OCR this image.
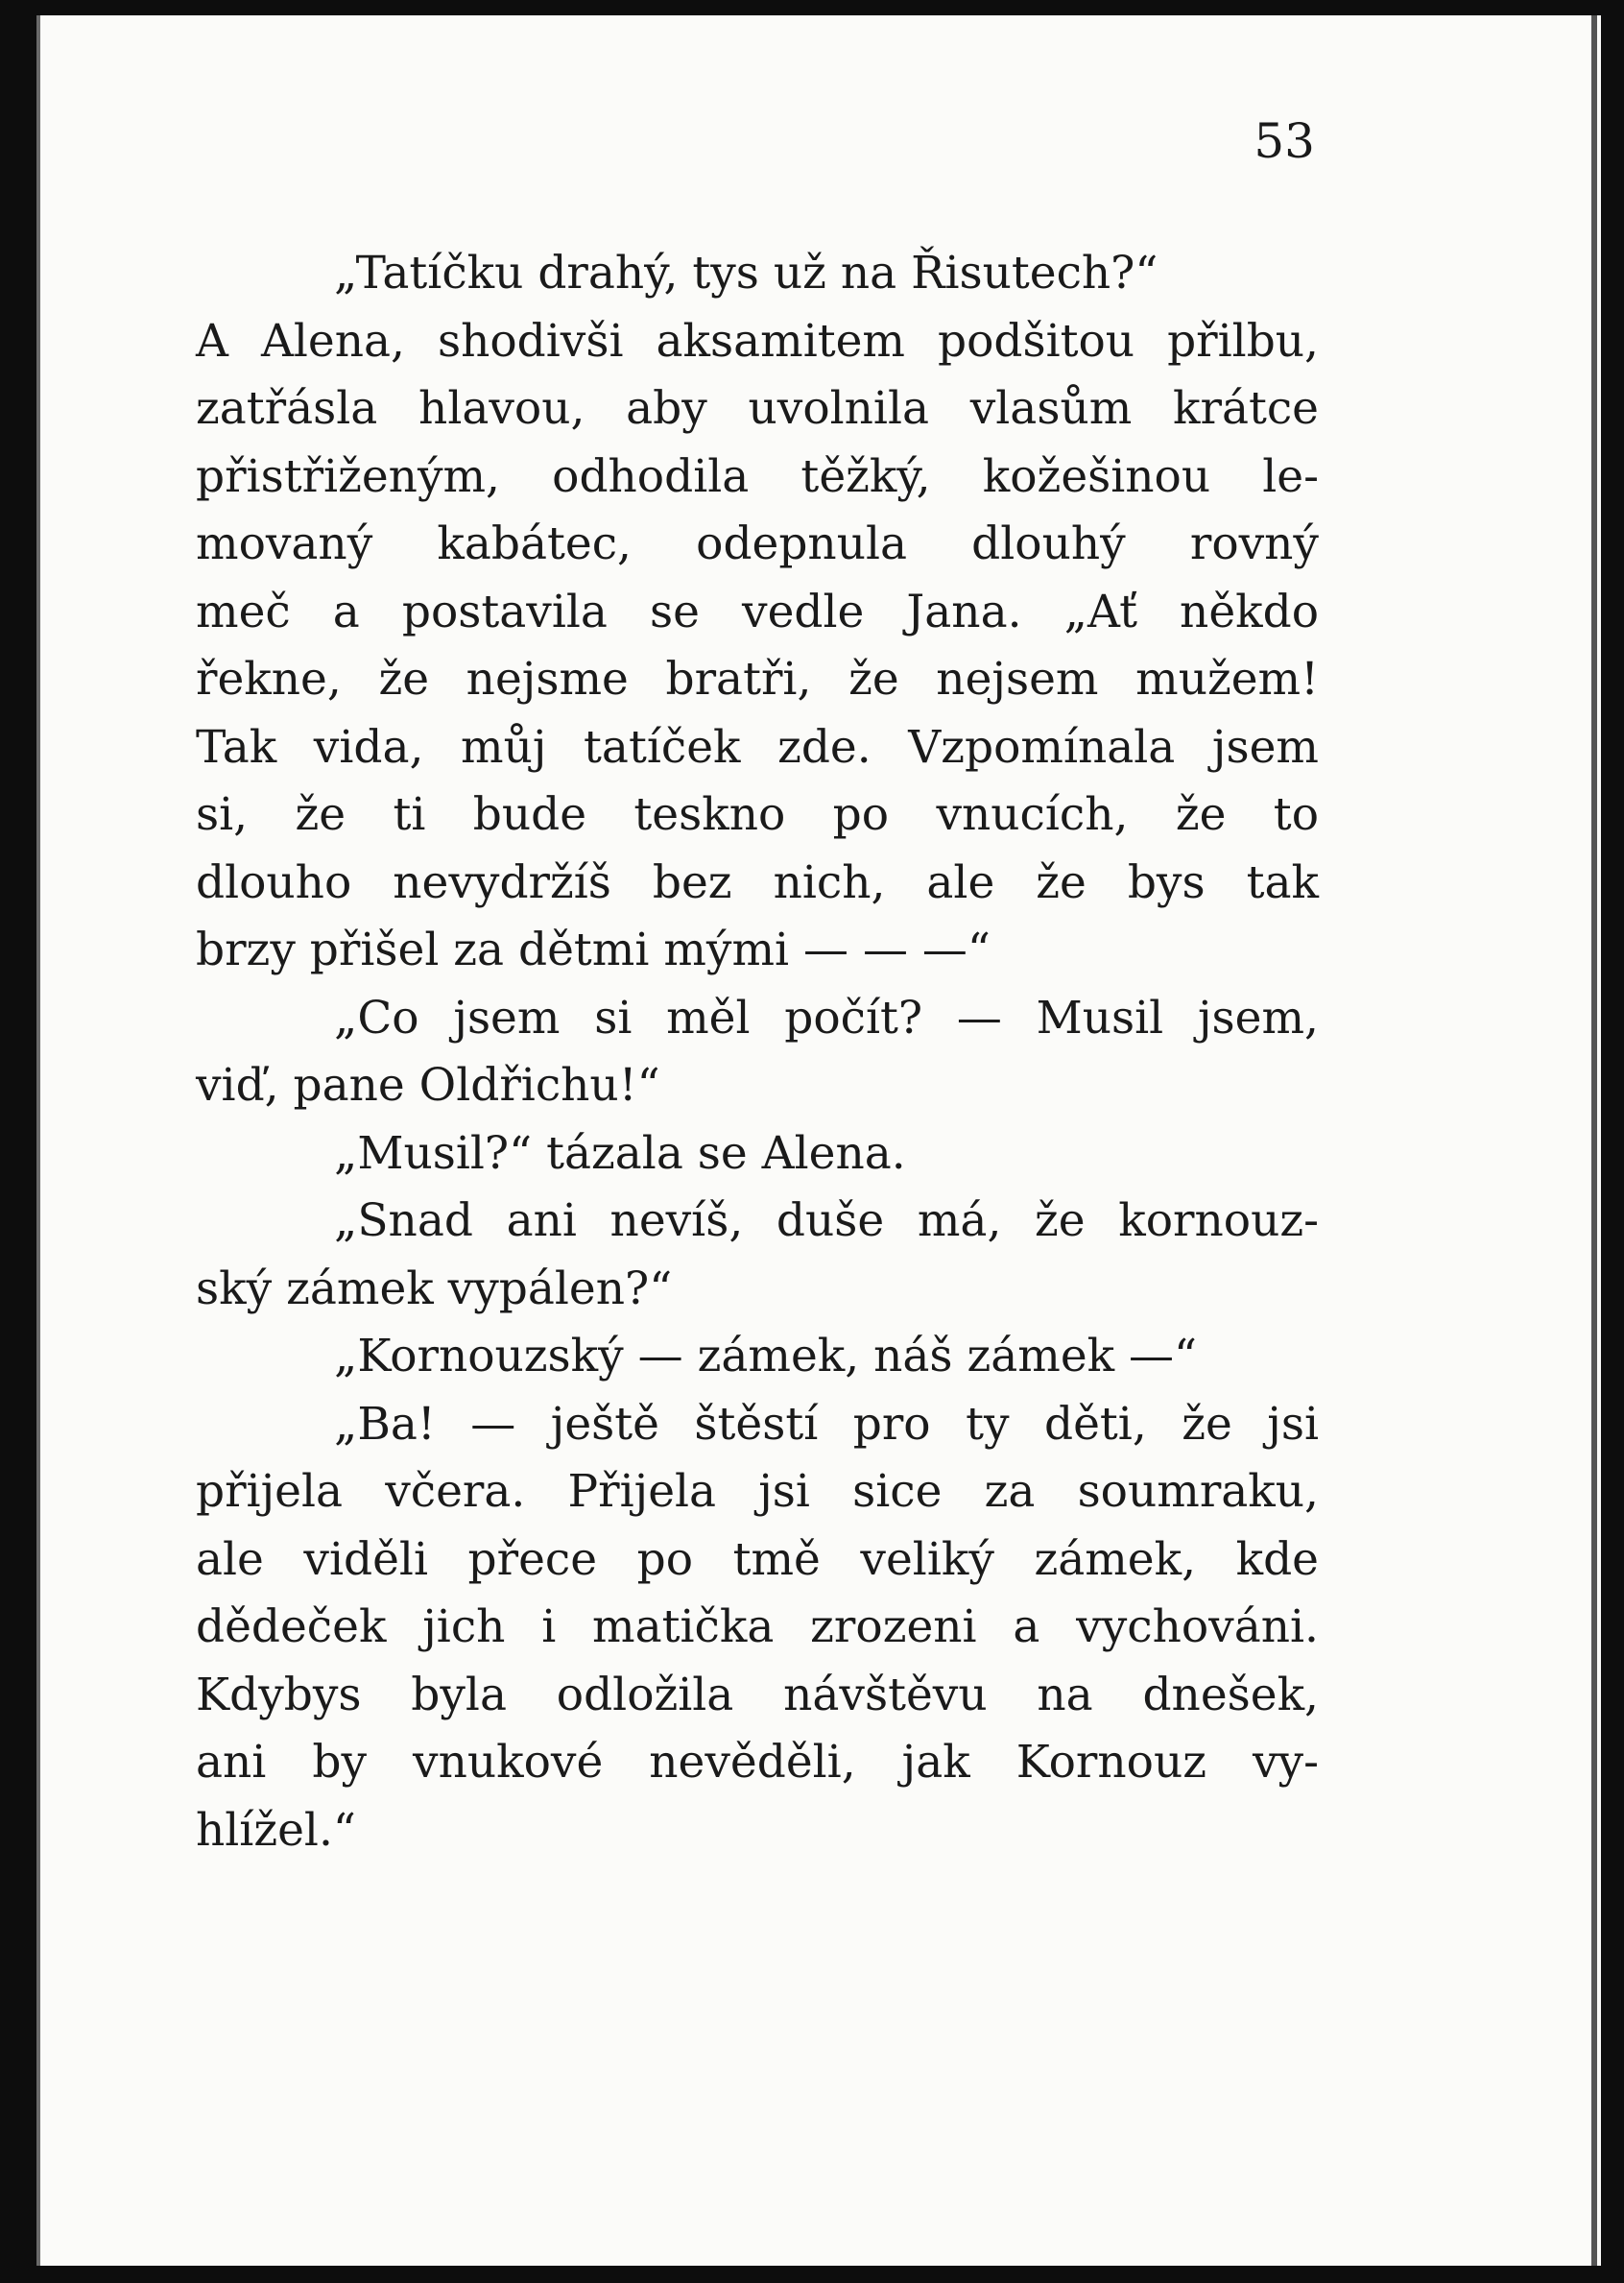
53
„Tatíčku drahý, tys už na Řisutech?“
A Alena, shodivši aksamitem podšitou přilbu,
zatřásla hlavou, aby uvolnila vlasům krátce
přistřiženým, odhodila těžký, kožešinou le-
movaný kabátec, odepnula dlouhý rovný
meč a postavila se vedle Jana. „Ať někdo
řekne, že nejsme bratři, že nejsem mužem!
Tak vida, můj tatíček zde. Vzpomínala jsem
si, že ti bude teskno po vnucích, že to
dlouho nevydržíš bez nich, ale že bys tak
brzy přišel za dětmi mými — — —“
„Co jsem si měl počít? — Musil jsem,
viď, pane Oldřichu!“
„Musil?“ tázala se Alena.
„Snad ani nevíš, duše má, že kornouz-
ský zámek vypálen?“
„Kornouzský — zámek, náš zámek —“
„Ba! — ještě štěstí pro ty děti, že jsi
přijela včera. Přijela jsi sice za soumraku,
ale viděli přece po tmě veliký zámek, kde
dědeček jich i matička zrozeni a vychováni.
Kdybys byla odložila návštěvu na dnešek,
ani by vnukové nevěděli, jak Kornouz vy-
hlížel.“
